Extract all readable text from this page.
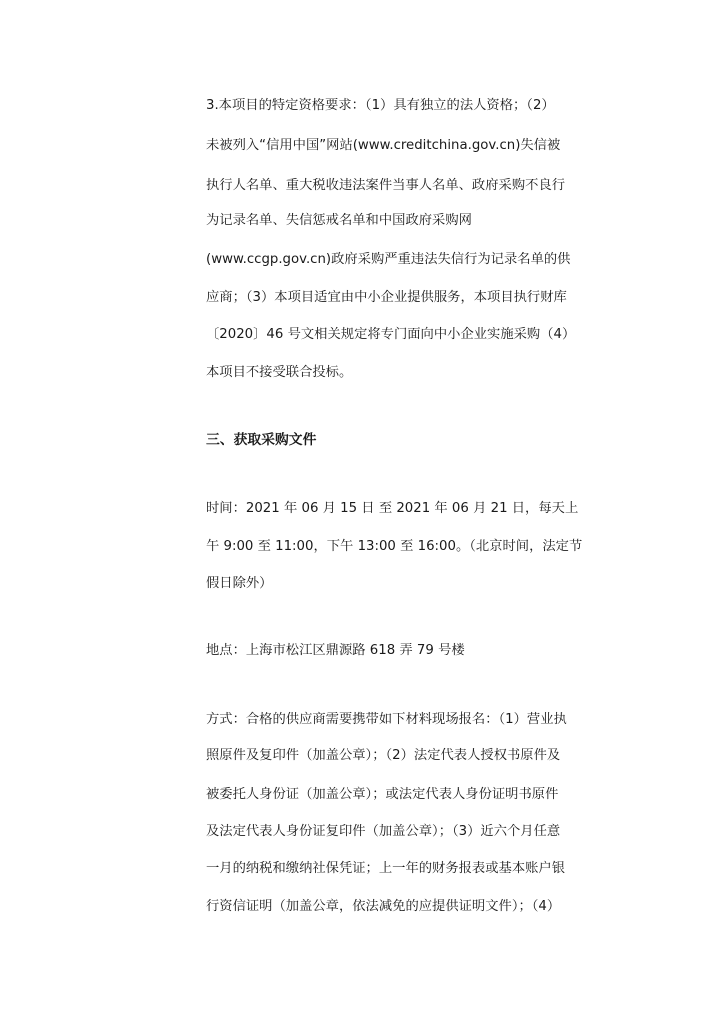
3.本项目的特定资格要求：（1）具有独立的法人资格；（2）
未被列入“信用中国”网站(www.creditchina.gov.cn)失信被
执行人名单、重大税收违法案件当事人名单、政府采购不良行
为记录名单、失信惩戒名单和中国政府采购网
(www.ccgp.gov.cn)政府采购严重违法失信行为记录名单的供
应商；（3）本项目适宜由中小企业提供服务，本项目执行财库
〔2020〕46 号文相关规定将专门面向中小企业实施采购（4）
本项目不接受联合投标。
三、获取采购文件
时间：2021 年 06 月 15 日 至 2021 年 06 月 21 日，每天上
午 9:00 至 11:00，下午 13:00 至 16:00。（北京时间，法定节
假日除外）
地点：上海市松江区鼎源路 618 弄 79 号楼
方式：合格的供应商需要携带如下材料现场报名：（1）营业执
照原件及复印件（加盖公章）；（2）法定代表人授权书原件及
被委托人身份证（加盖公章）；或法定代表人身份证明书原件
及法定代表人身份证复印件（加盖公章）；（3）近六个月任意
一月的纳税和缴纳社保凭证；上一年的财务报表或基本账户银
行资信证明（加盖公章，依法减免的应提供证明文件）；（4）
